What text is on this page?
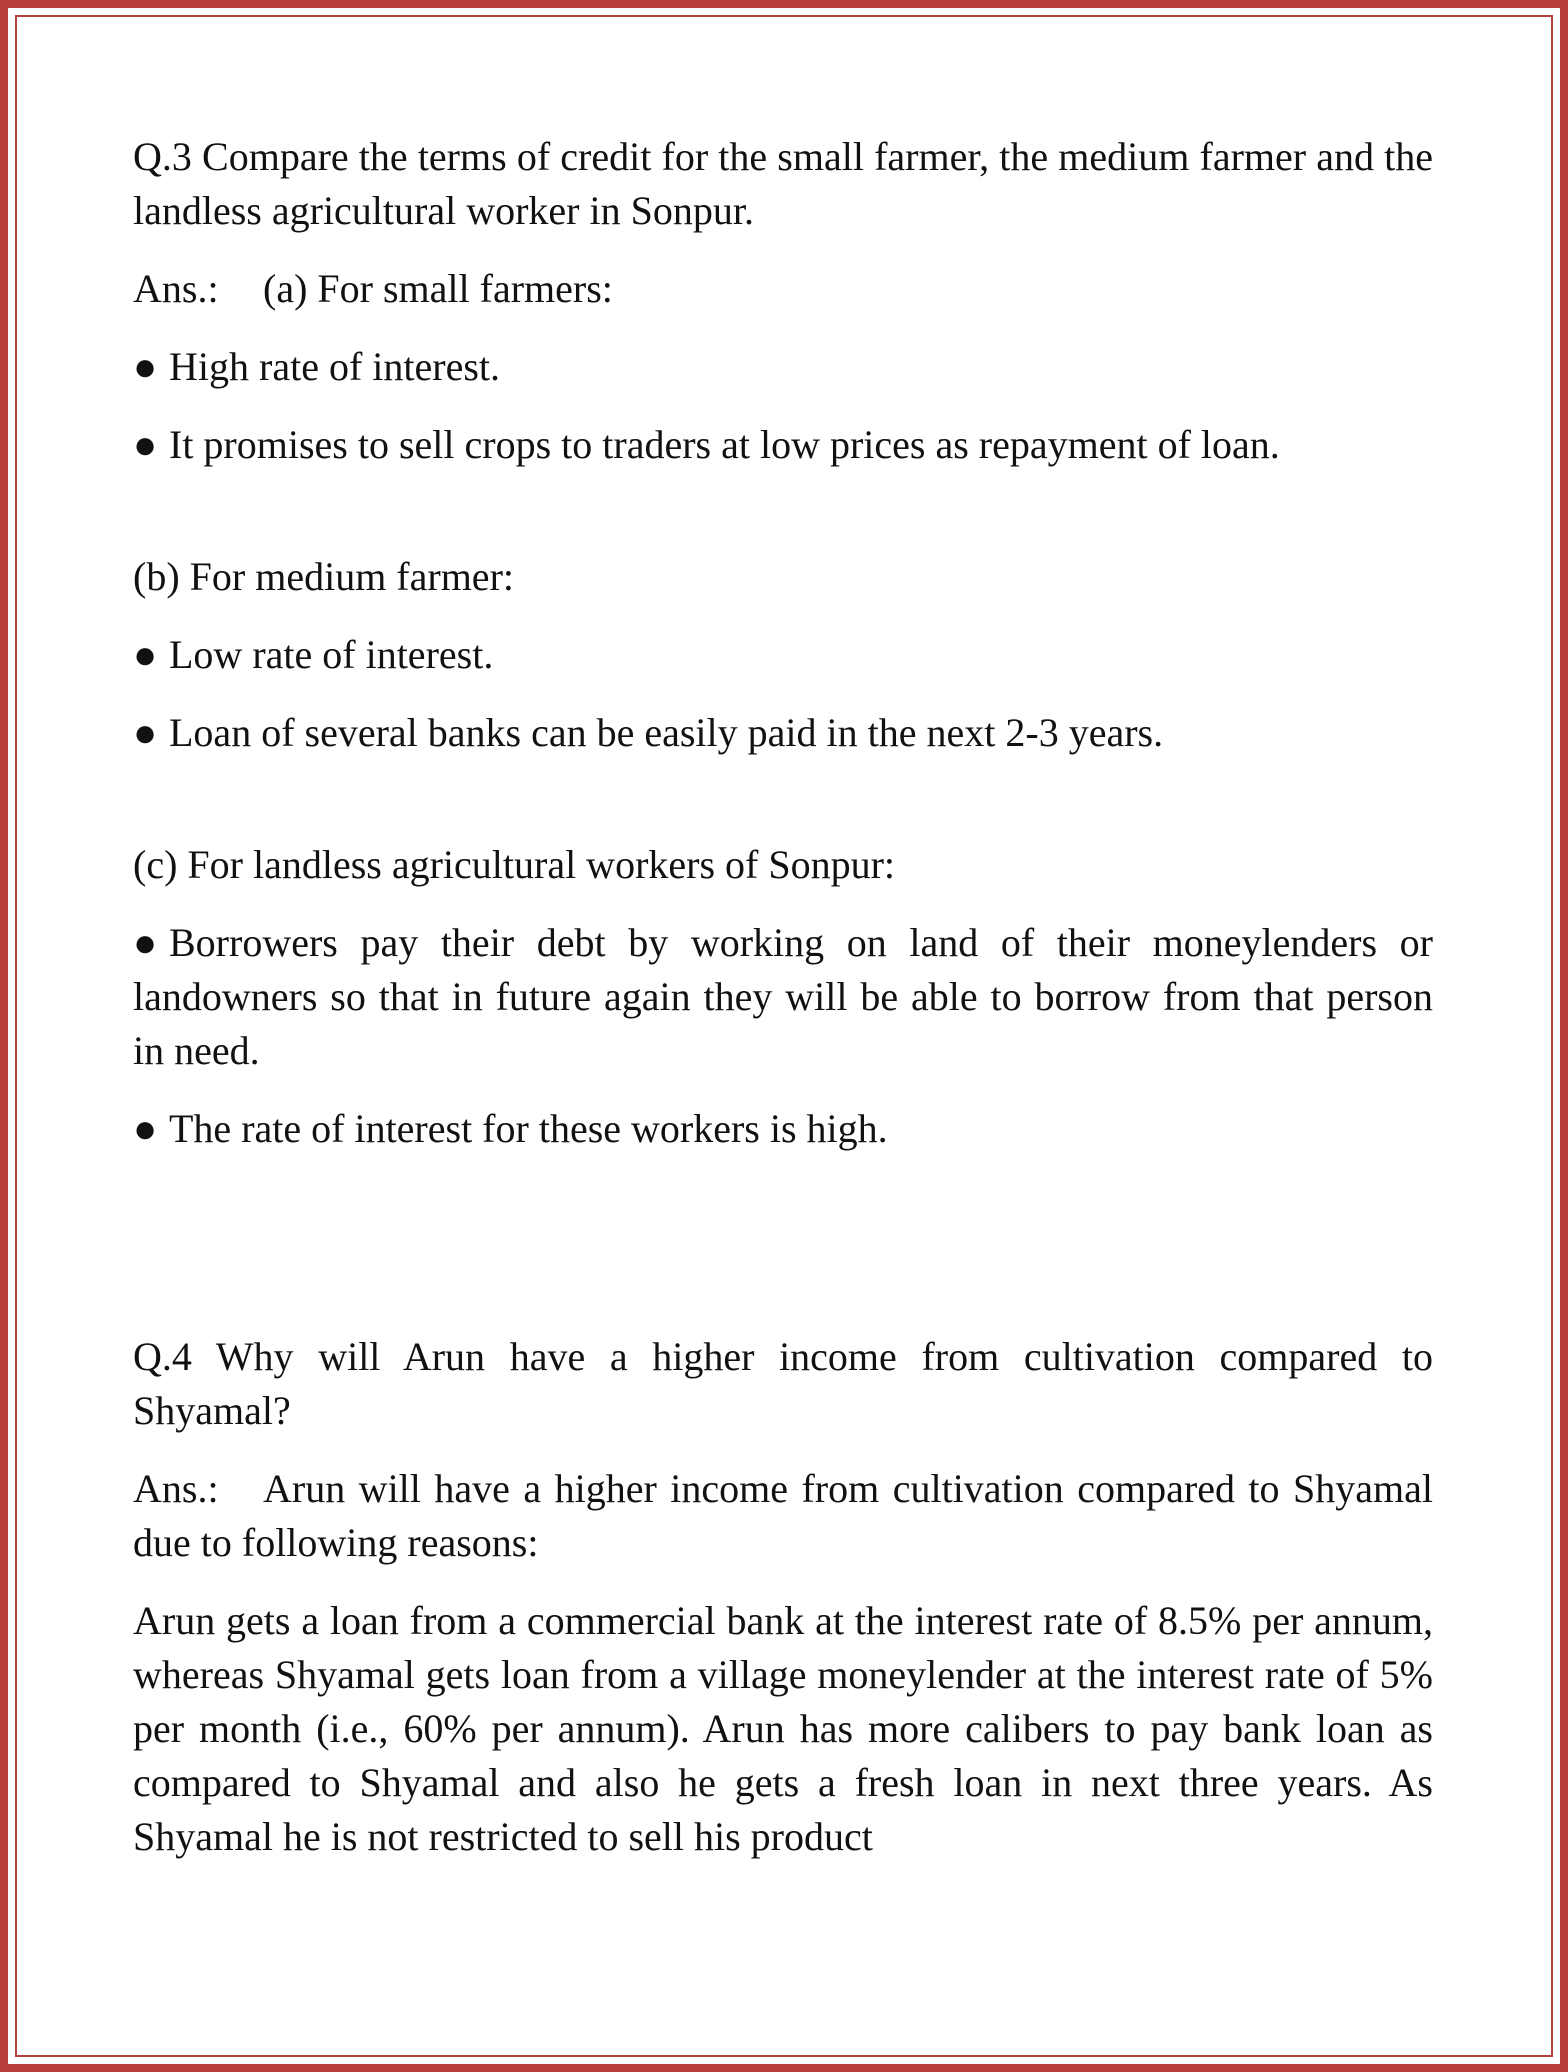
Q.3 Compare the terms of credit for the small farmer, the medium farmer and the landless agricultural worker in Sonpur.

Ans.: (a) For small farmers:

● High rate of interest.

● It promises to sell crops to traders at low prices as repayment of loan.

(b) For medium farmer:

● Low rate of interest.

● Loan of several banks can be easily paid in the next 2-3 years.

(c) For landless agricultural workers of Sonpur:

● Borrowers pay their debt by working on land of their moneylenders or landowners so that in future again they will be able to borrow from that person in need.

● The rate of interest for these workers is high.

Q.4 Why will Arun have a higher income from cultivation compared to Shyamal?

Ans.: Arun will have a higher income from cultivation compared to Shyamal due to following reasons:

Arun gets a loan from a commercial bank at the interest rate of 8.5% per annum, whereas Shyamal gets loan from a village moneylender at the interest rate of 5% per month (i.e., 60% per annum). Arun has more calibers to pay bank loan as compared to Shyamal and also he gets a fresh loan in next three years. As Shyamal he is not restricted to sell his product
